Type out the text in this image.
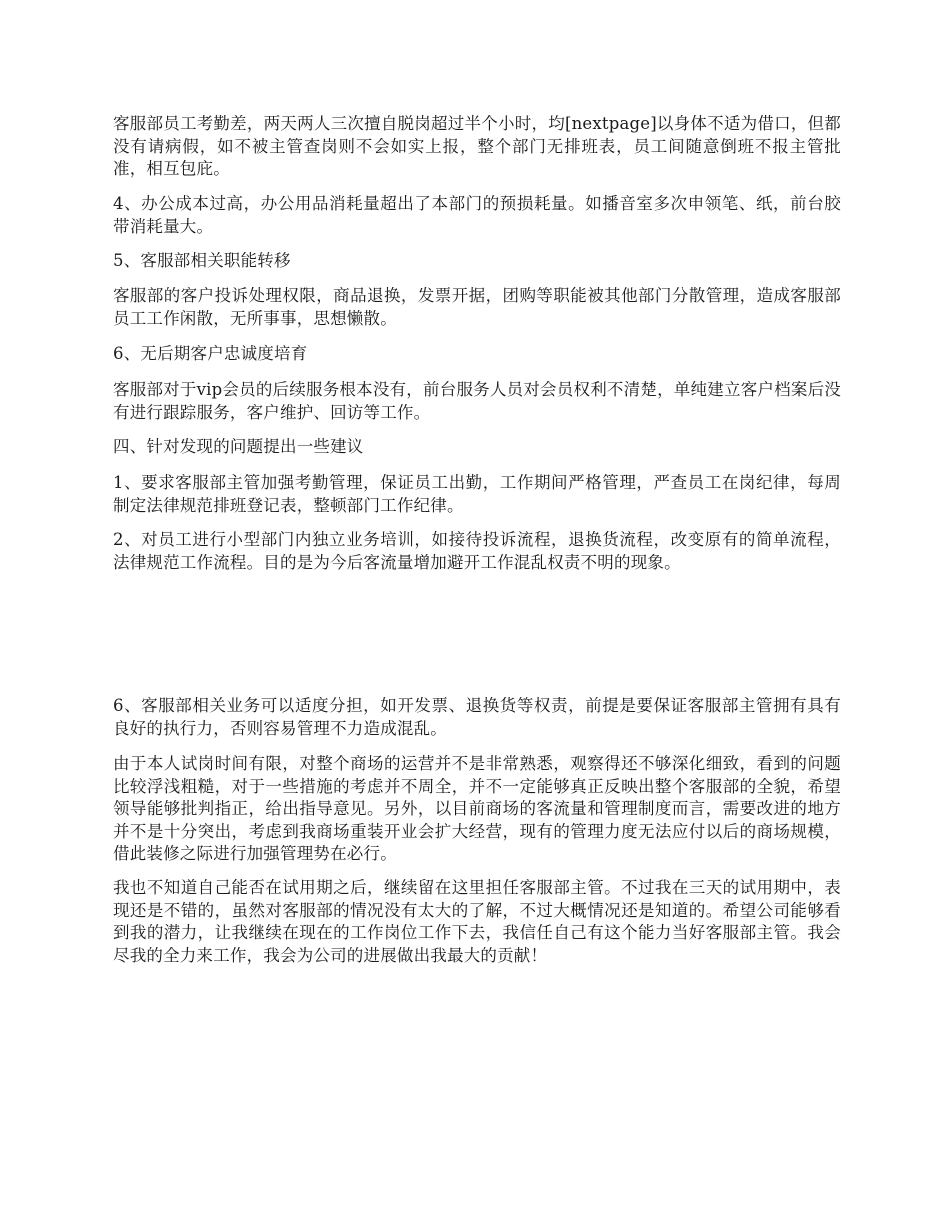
客服部员工考勤差，两天两人三次擅自脱岗超过半个小时，均[nextpage]以身体不适为借口，但都没有请病假，如不被主管查岗则不会如实上报，整个部门无排班表，员工间随意倒班不报主管批准，相互包庇。

4、办公成本过高，办公用品消耗量超出了本部门的预损耗量。如播音室多次申领笔、纸，前台胶带消耗量大。

5、客服部相关职能转移

客服部的客户投诉处理权限，商品退换，发票开据，团购等职能被其他部门分散管理，造成客服部员工工作闲散，无所事事，思想懒散。

6、无后期客户忠诚度培育

客服部对于vip会员的后续服务根本没有，前台服务人员对会员权利不清楚，单纯建立客户档案后没有进行跟踪服务，客户维护、回访等工作。

四、针对发现的问题提出一些建议

1、要求客服部主管加强考勤管理，保证员工出勤，工作期间严格管理，严查员工在岗纪律，每周制定法律规范排班登记表，整顿部门工作纪律。

2、对员工进行小型部门内独立业务培训，如接待投诉流程，退换货流程，改变原有的简单流程，法律规范工作流程。目的是为今后客流量增加避开工作混乱权责不明的现象。

6、客服部相关业务可以适度分担，如开发票、退换货等权责，前提是要保证客服部主管拥有具有良好的执行力，否则容易管理不力造成混乱。

由于本人试岗时间有限，对整个商场的运营并不是非常熟悉，观察得还不够深化细致，看到的问题比较浮浅粗糙，对于一些措施的考虑并不周全，并不一定能够真正反映出整个客服部的全貌，希望领导能够批判指正，给出指导意见。另外，以目前商场的客流量和管理制度而言，需要改进的地方并不是十分突出，考虑到我商场重装开业会扩大经营，现有的管理力度无法应付以后的商场规模，借此装修之际进行加强管理势在必行。

我也不知道自己能否在试用期之后，继续留在这里担任客服部主管。不过我在三天的试用期中，表现还是不错的，虽然对客服部的情况没有太大的了解，不过大概情况还是知道的。希望公司能够看到我的潜力，让我继续在现在的工作岗位工作下去，我信任自己有这个能力当好客服部主管。我会尽我的全力来工作，我会为公司的进展做出我最大的贡献！
